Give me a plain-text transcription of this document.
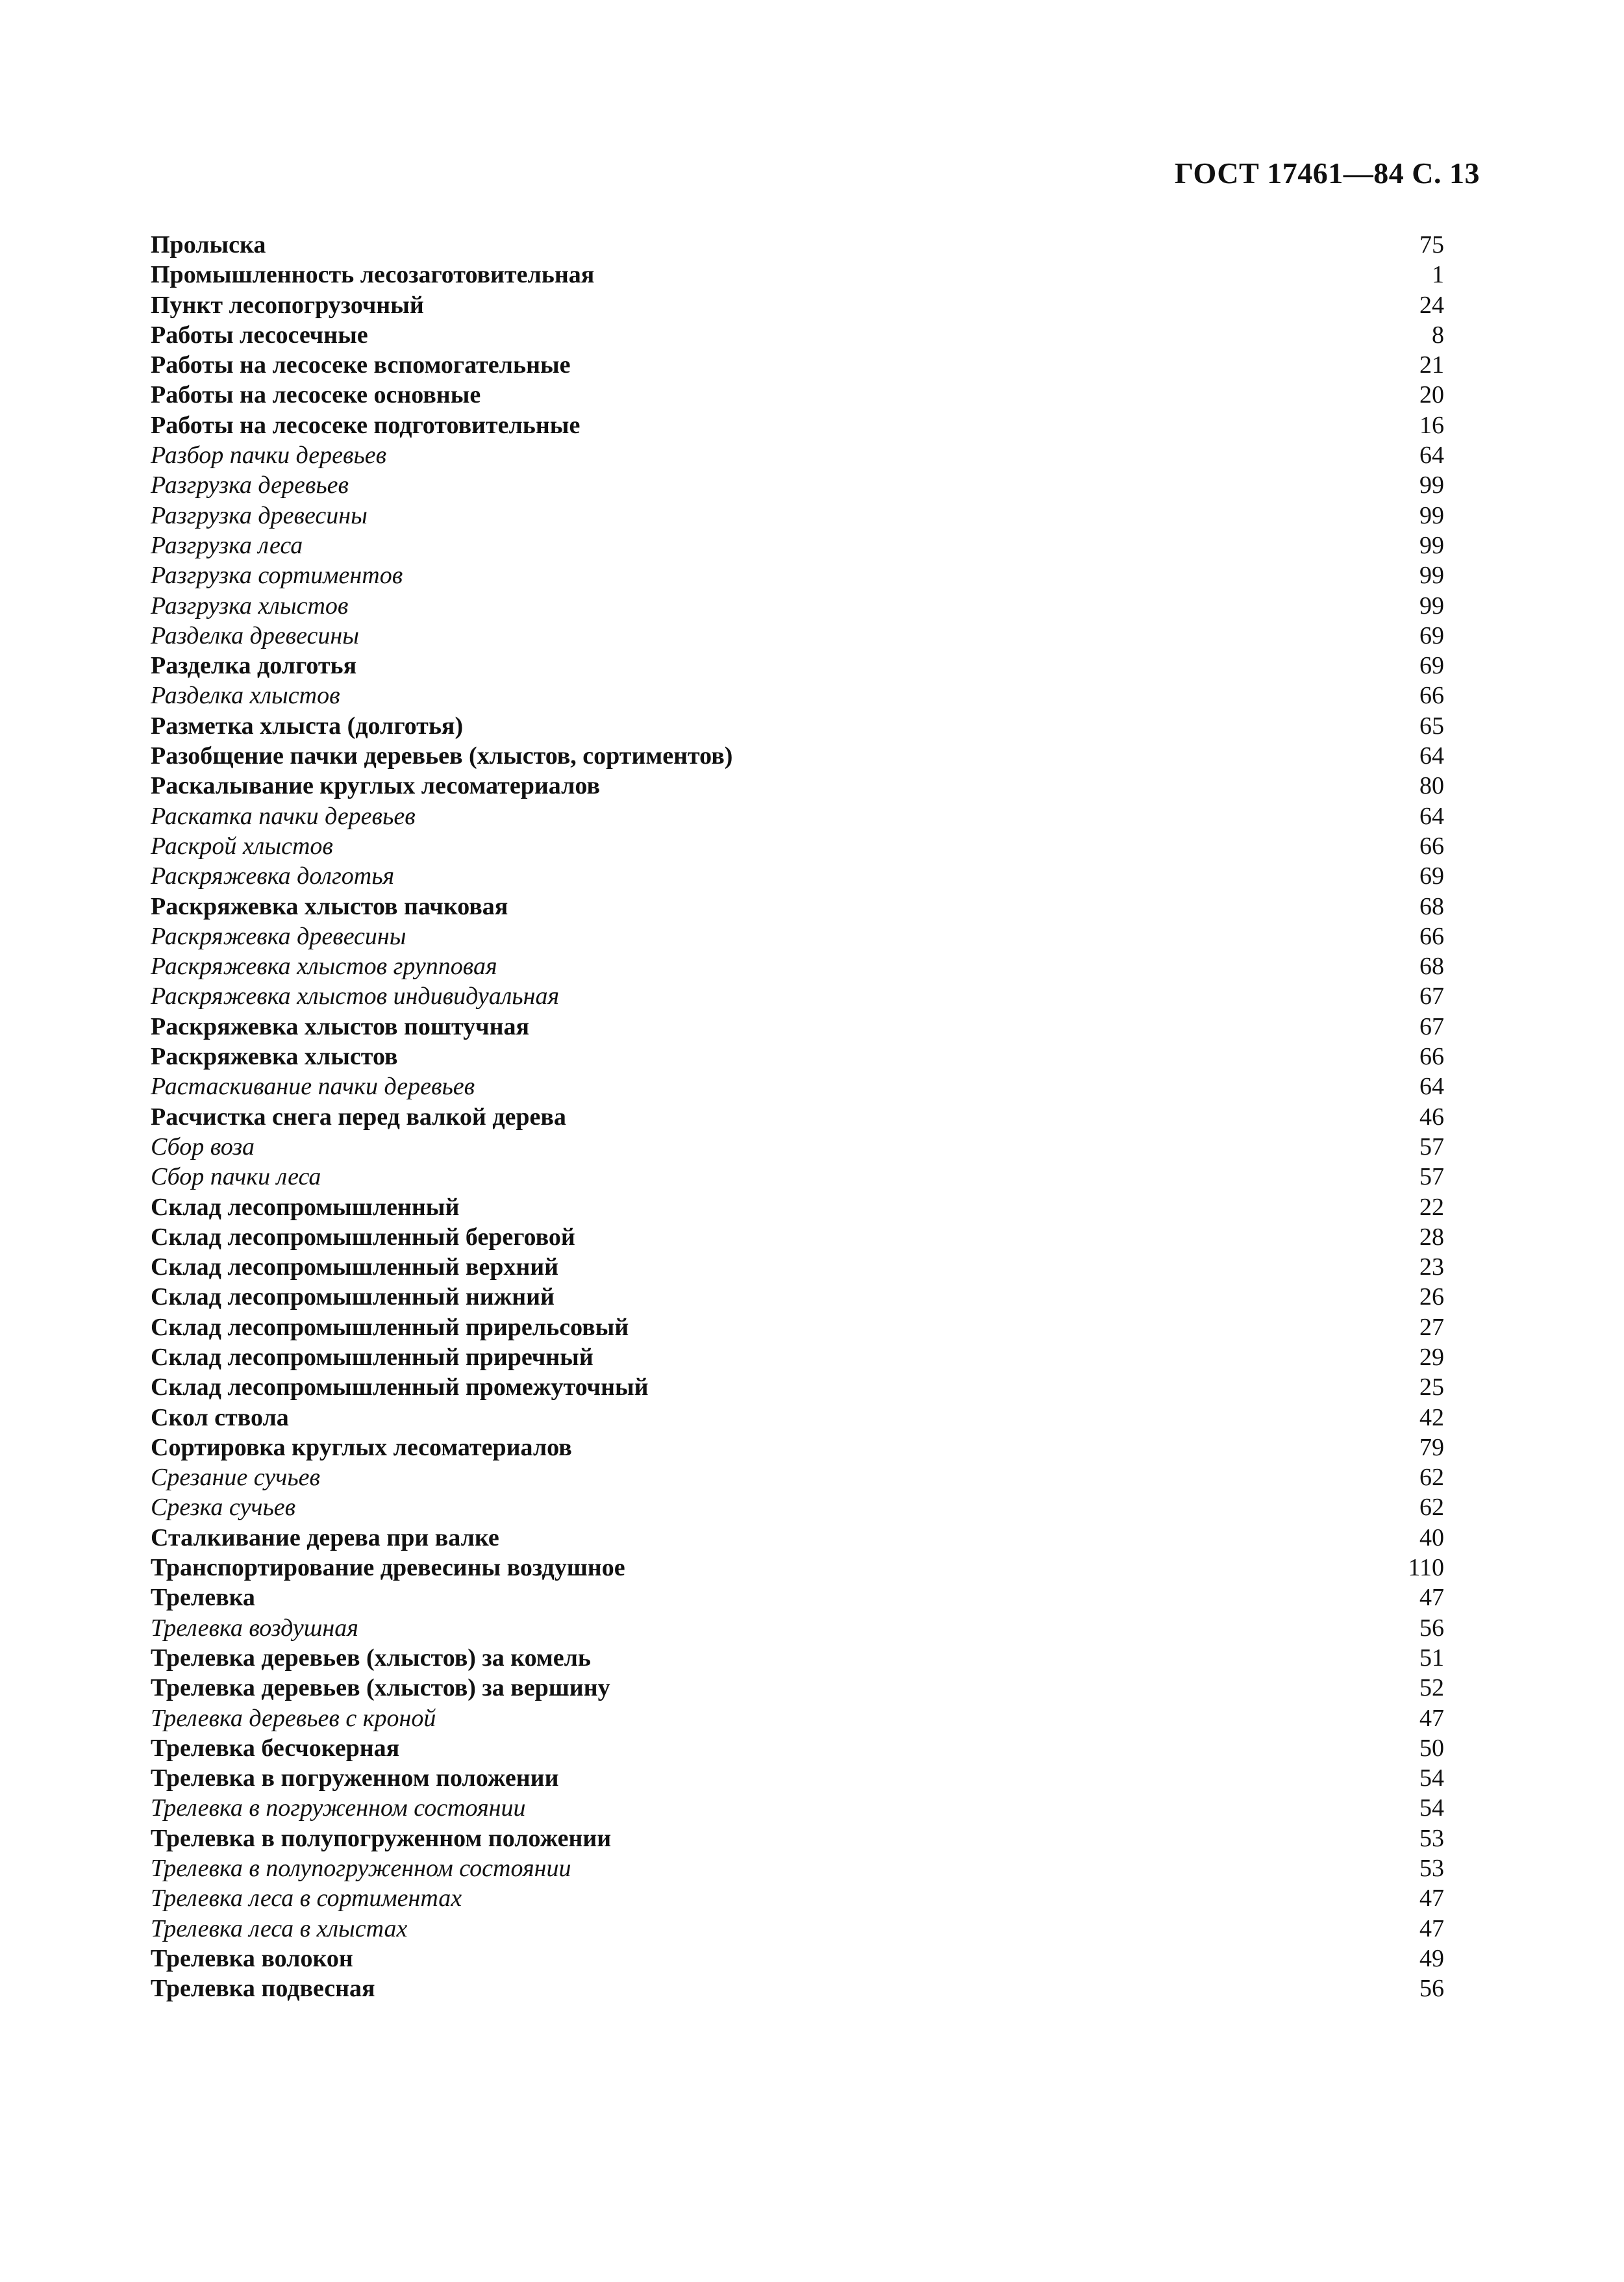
ГОСТ 17461—84 С. 13
Пролыска	75
Промышленность лесозаготовительная	1
Пункт лесопогрузочный	24
Работы лесосечные	8
Работы на лесосеке вспомогательные	21
Работы на лесосеке основные	20
Работы на лесосеке подготовительные	16
Разбор пачки деревьев	64
Разгрузка деревьев	99
Разгрузка древесины	99
Разгрузка леса	99
Разгрузка сортиментов	99
Разгрузка хлыстов	99
Разделка древесины	69
Разделка долготья	69
Разделка хлыстов	66
Разметка хлыста (долготья)	65
Разобщение пачки деревьев (хлыстов, сортиментов)	64
Раскалывание круглых лесоматериалов	80
Раскатка пачки деревьев	64
Раскрой хлыстов	66
Раскряжевка долготья	69
Раскряжевка хлыстов пачковая	68
Раскряжевка древесины	66
Раскряжевка хлыстов групповая	68
Раскряжевка хлыстов индивидуальная	67
Раскряжевка хлыстов поштучная	67
Раскряжевка хлыстов	66
Растаскивание пачки деревьев	64
Расчистка снега перед валкой дерева	46
Сбор воза	57
Сбор пачки леса	57
Склад лесопромышленный	22
Склад лесопромышленный береговой	28
Склад лесопромышленный верхний	23
Склад лесопромышленный нижний	26
Склад лесопромышленный прирельсовый	27
Склад лесопромышленный приречный	29
Склад лесопромышленный промежуточный	25
Скол ствола	42
Сортировка круглых лесоматериалов	79
Срезание сучьев	62
Срезка сучьев	62
Сталкивание дерева при валке	40
Транспортирование древесины воздушное	110
Трелевка	47
Трелевка воздушная	56
Трелевка деревьев (хлыстов) за комель	51
Трелевка деревьев (хлыстов) за вершину	52
Трелевка деревьев с кроной	47
Трелевка бесчокерная	50
Трелевка в погруженном положении	54
Трелевка в погруженном состоянии	54
Трелевка в полупогруженном положении	53
Трелевка в полупогруженном состоянии	53
Трелевка леса в сортиментах	47
Трелевка леса в хлыстах	47
Трелевка волокон	49
Трелевка подвесная	56
